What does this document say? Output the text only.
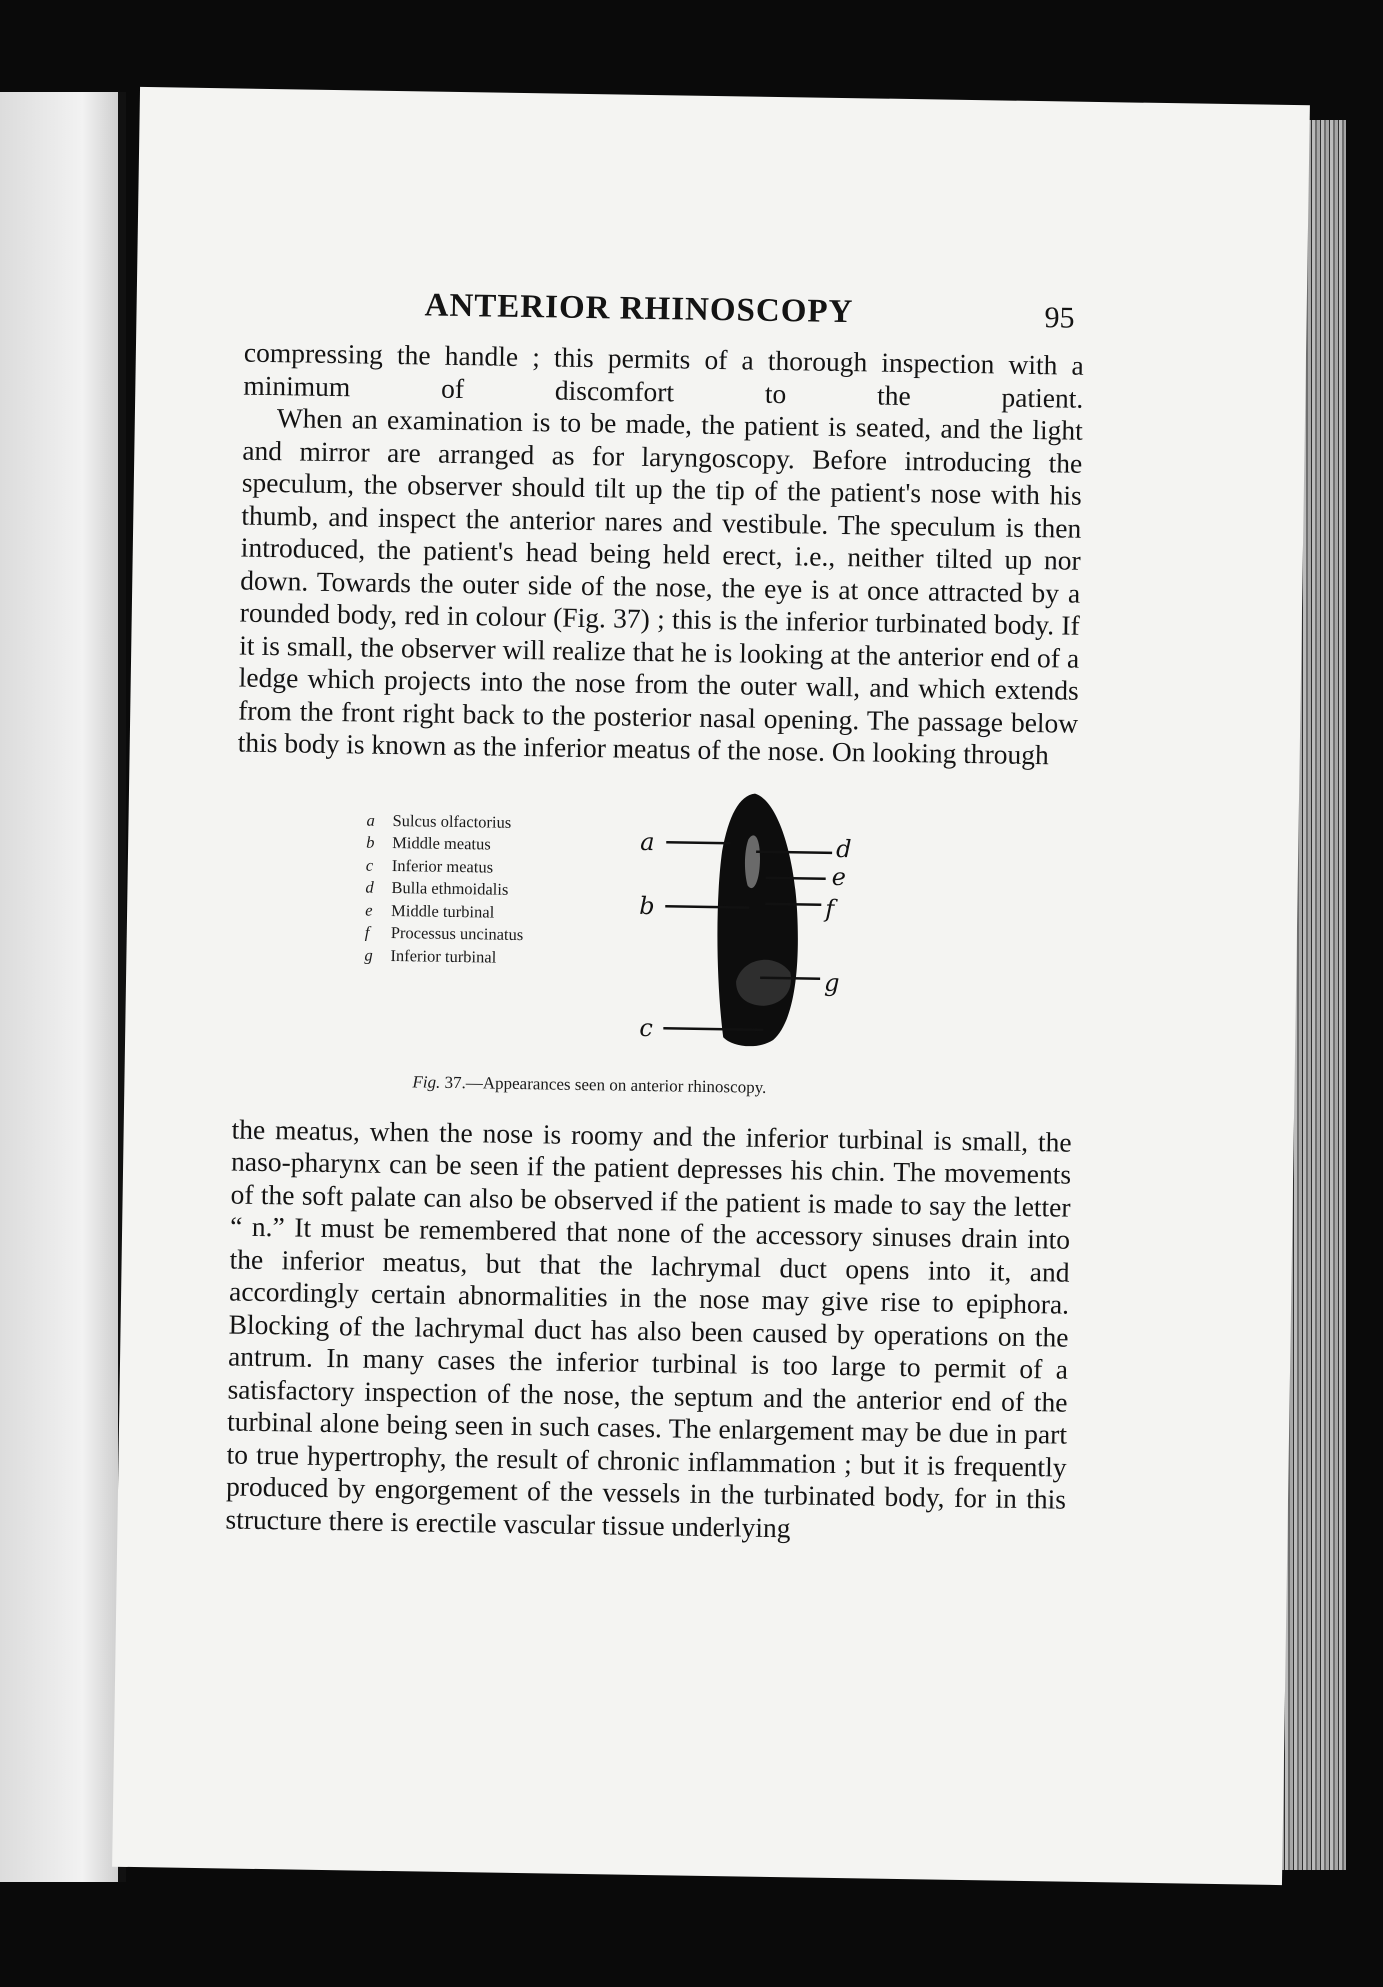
ANTERIOR RHINOSCOPY	95

compressing the handle ; this permits of a thorough inspection with a minimum of discomfort to the patient.

When an examination is to be made, the patient is seated, and the light and mirror are arranged as for laryngoscopy. Before introducing the speculum, the observer should tilt up the tip of the patient's nose with his thumb, and inspect the anterior nares and vestibule. The speculum is then introduced, the patient's head being held erect, i.e., neither tilted up nor down. Towards the outer side of the nose, the eye is at once attracted by a rounded body, red in colour (Fig. 37) ; this is the inferior turbinated body. If it is small, the observer will realize that he is looking at the anterior end of a ledge which projects into the nose from the outer wall, and which extends from the front right back to the posterior nasal opening. The passage below this body is known as the inferior meatus of the nose. On looking through

a Sulcus olfactorius
b Middle meatus
c Inferior meatus
d Bulla ethmoidalis
e Middle turbinal
f Processus uncinatus
g Inferior turbinal
a
b
c
d
e
f
g
Fig. 37.—Appearances seen on anterior rhinoscopy.

the meatus, when the nose is roomy and the inferior turbinal is small, the naso-pharynx can be seen if the patient depresses his chin. The movements of the soft palate can also be observed if the patient is made to say the letter “ n.” It must be remembered that none of the accessory sinuses drain into the inferior meatus, but that the lachrymal duct opens into it, and accordingly certain abnormalities in the nose may give rise to epiphora. Blocking of the lachrymal duct has also been caused by operations on the antrum. In many cases the inferior turbinal is too large to permit of a satisfactory inspection of the nose, the septum and the anterior end of the turbinal alone being seen in such cases. The enlargement may be due in part to true hypertrophy, the result of chronic inflammation ; but it is frequently produced by engorgement of the vessels in the turbinated body, for in this structure there is erectile vascular tissue underlying
